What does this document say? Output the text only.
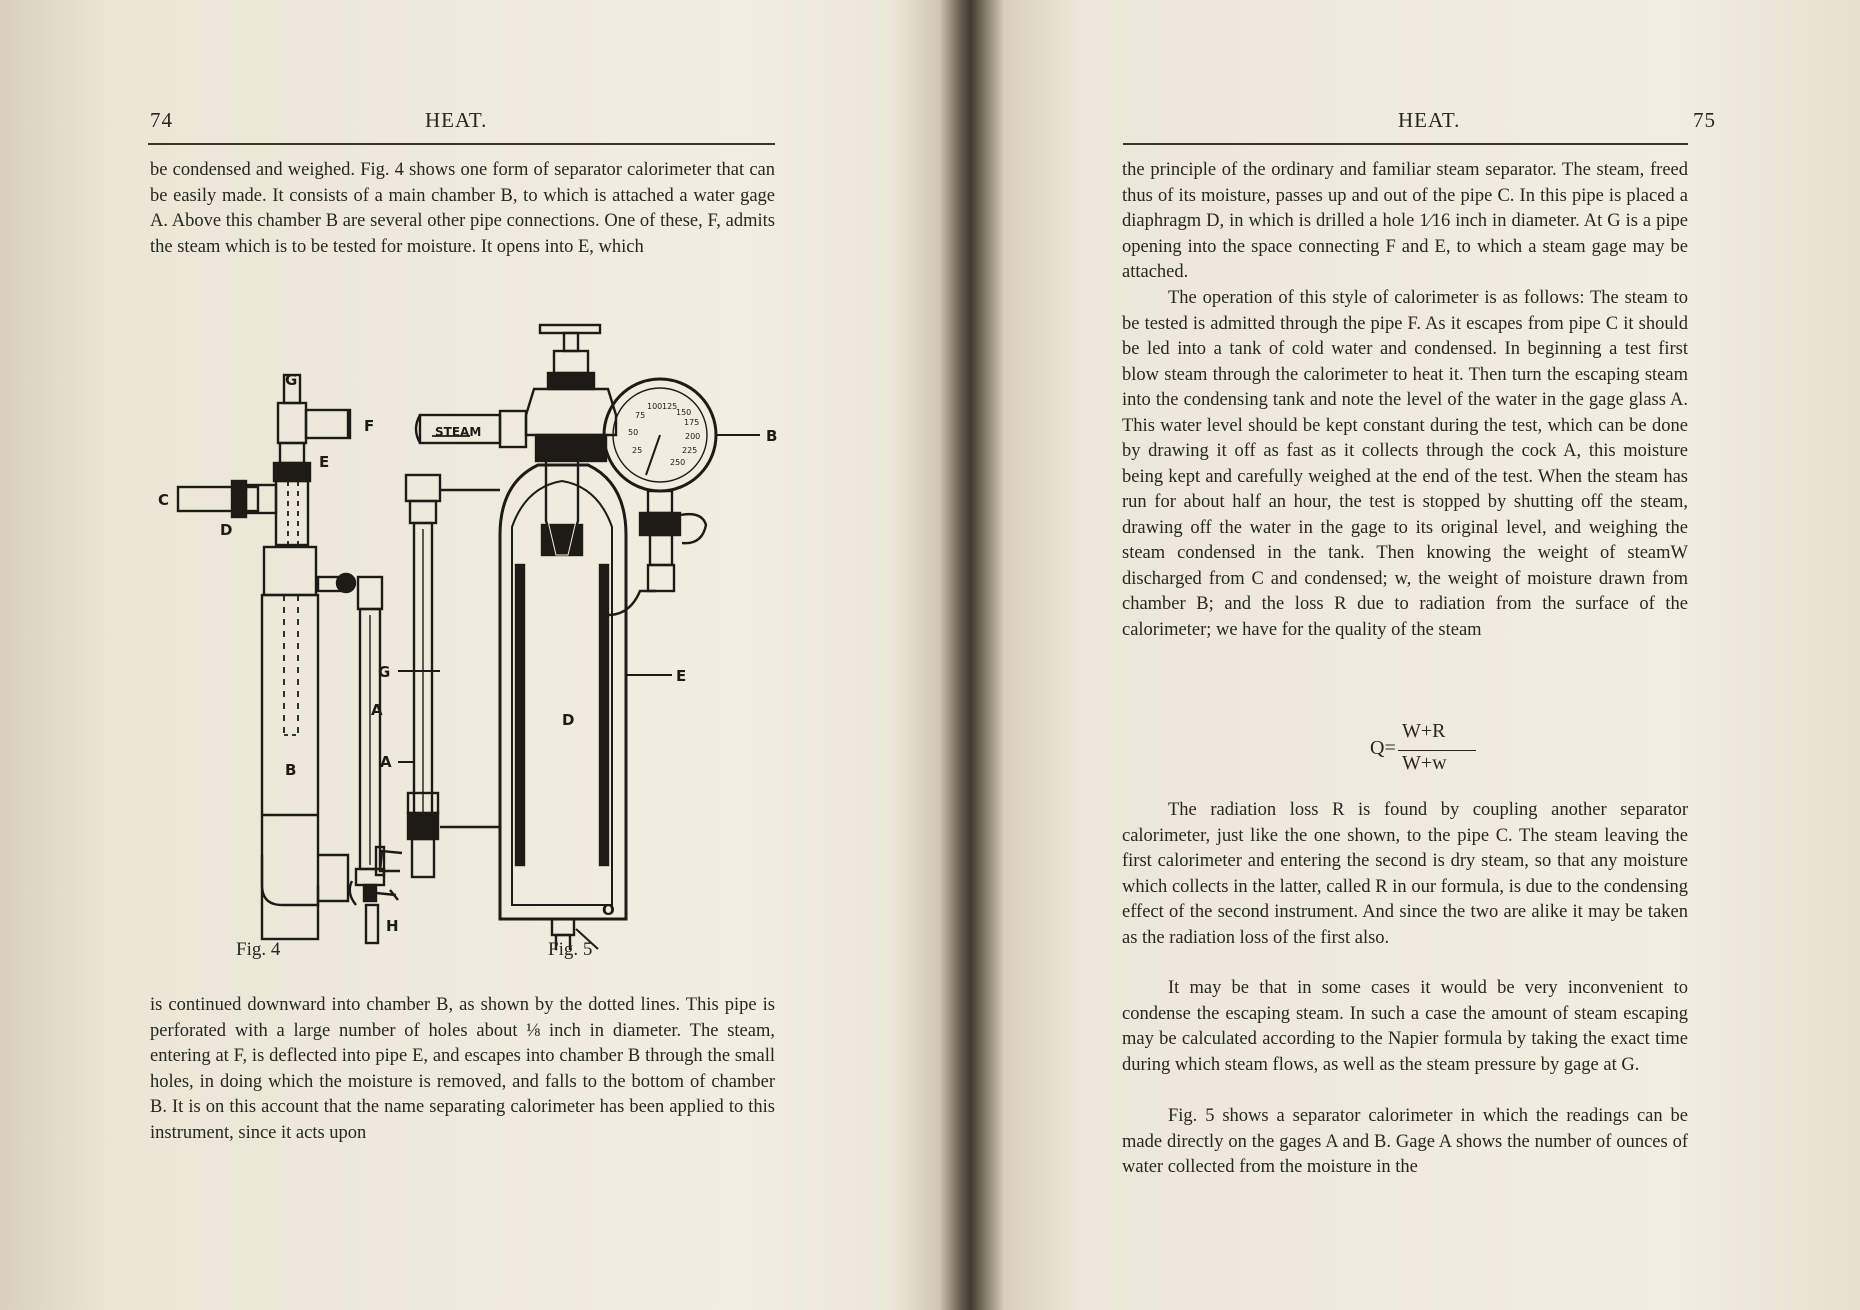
74	HEAT.

be condensed and weighed. Fig. 4 shows one form of separator calorimeter that can be easily made. It consists of a main chamber B, to which is attached a water gage A. Above this chamber B are several other pipe connections. One of these, F, admits the steam which is to be tested for moisture. It opens into E, which

G
F
E
C
D
A
B
H
STEAM
75
100 125
150
175
50	200
25	225
250
B
G	E
D
A
O
Fig. 4	Fig. 5

is continued downward into chamber B, as shown by the dotted lines. This pipe is perforated with a large number of holes about ⅛ inch in diameter. The steam, entering at F, is deflected into pipe E, and escapes into chamber B through the small holes, in doing which the moisture is removed, and falls to the bottom of chamber B. It is on this account that the name separating calorimeter has been applied to this instrument, since it acts upon

HEAT.	75

the principle of the ordinary and familiar steam separator. The steam, freed thus of its moisture, passes up and out of the pipe C. In this pipe is placed a diaphragm D, in which is drilled a hole 1⁄16 inch in diameter. At G is a pipe opening into the space connecting F and E, to which a steam gage may be attached.

The operation of this style of calorimeter is as follows: The steam to be tested is admitted through the pipe F. As it escapes from pipe C it should be led into a tank of cold water and condensed. In beginning a test first blow steam through the calorimeter to heat it. Then turn the escaping steam into the condensing tank and note the level of the water in the gage glass A. This water level should be kept constant during the test, which can be done by drawing it off as fast as it collects through the cock A, this moisture being kept and carefully weighed at the end of the test. When the steam has run for about half an hour, the test is stopped by shutting off the steam, drawing off the water in the gage to its original level, and weighing the steam condensed in the tank. Then knowing the weight of steamW discharged from C and condensed; w, the weight of moisture drawn from chamber B; and the loss R due to radiation from the surface of the calorimeter; we have for the quality of the steam

Q=
W+R
W+w

The radiation loss R is found by coupling another separator calorimeter, just like the one shown, to the pipe C. The steam leaving the first calorimeter and entering the second is dry steam, so that any moisture which collects in the latter, called R in our formula, is due to the condensing effect of the second instrument. And since the two are alike it may be taken as the radiation loss of the first also.

It may be that in some cases it would be very inconvenient to condense the escaping steam. In such a case the amount of steam escaping may be calculated according to the Napier formula by taking the exact time during which steam flows, as well as the steam pressure by gage at G.

Fig. 5 shows a separator calorimeter in which the readings can be made directly on the gages A and B. Gage A shows the number of ounces of water collected from the moisture in the
